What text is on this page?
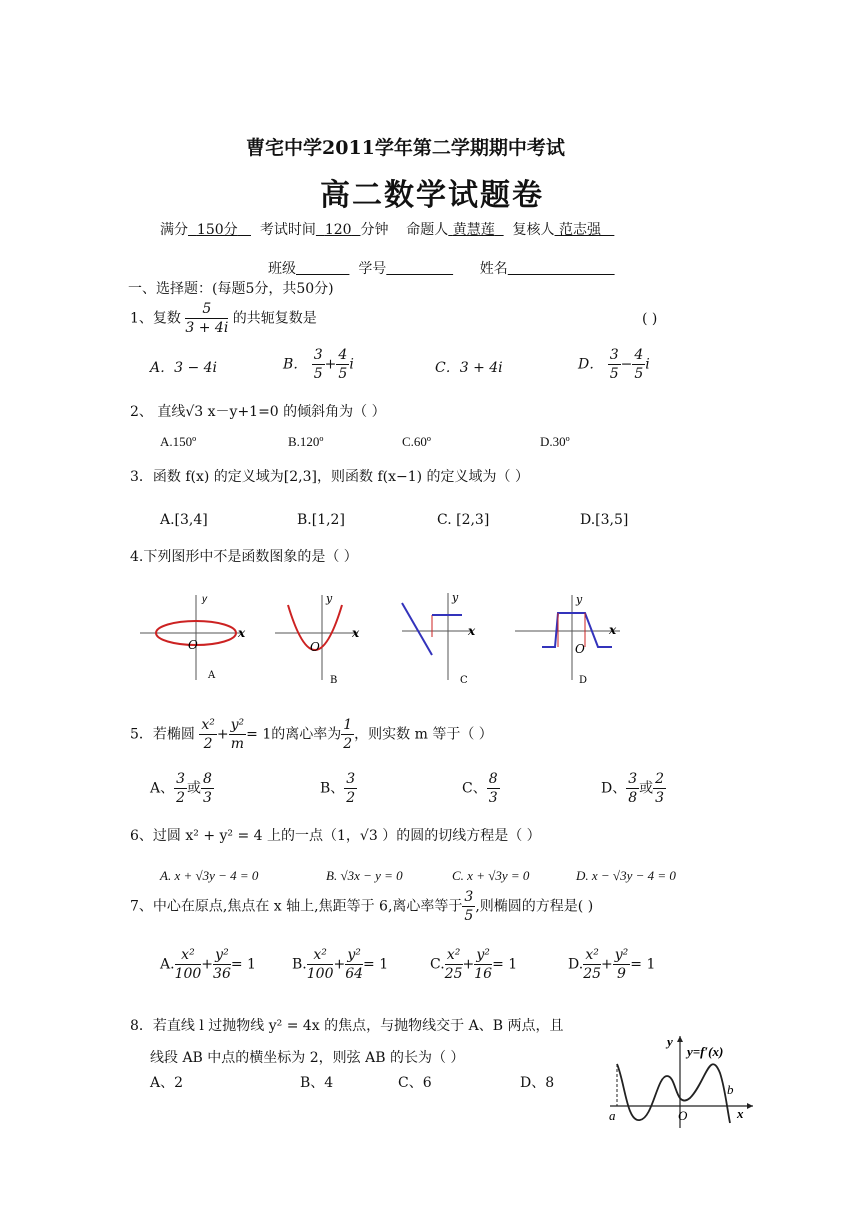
曹宅中学2011学年第二学期期中考试
高二数学试题卷
满分 150分 考试时间 120 分钟 命题人 黄慧莲 复核人 范志强
班级	学号	姓名
一、选择题：(每题5分，共50分)
1、复数 $\frac{5}{3 + 4i}$ 的共轭复数是	( )
A．3 − 4i	B． $\frac{3}{5} + \frac{4}{5}$ i	C．3 + 4i	D． $\frac{3}{5} - \frac{4}{5}$ i
2、 直线√3 x－y+1=0 的倾斜角为（ ）
A.150º	B.120º	C.60º	D.30º
3．函数 f(x) 的定义域为[2,3]，则函数 f(x−1) 的定义域为（ ）
A.[3,4]	B.[1,2]	C. [2,3]	D.[3,5]
4.下列图形中不是函数图象的是（ ）
y
x
O
A
y
x
O
B
y
x
C
y
x
O
D
5．若椭圆 $\frac{\text{x²}}{2} + \frac{\text{y²}}{m} = 1$的离心率为 $\frac{1}{2}$ ，则实数 m 等于（ ）
A、 $\frac{3}{2}$ 或 $\frac{8}{3}$	B、 $\frac{3}{2}$	C、 $\frac{8}{3}$	D、 $\frac{3}{8}$ 或 $\frac{2}{3}$
6、过圆 x² + y² = 4 上的一点（1，√3 ）的圆的切线方程是（ ）
A. x + √3y − 4 = 0	B. √3x − y = 0	C. x + √3y = 0	D. x − √3y − 4 = 0
7、中心在原点,焦点在 x 轴上,焦距等于 6,离心率等于 $\frac{3}{5}$ ,则椭圆的方程是( )
A. $\frac{\text{x²}}{100} + \frac{\text{y²}}{36} = 1$	B. $\frac{\text{x²}}{100} + \frac{\text{y²}}{64} = 1$	C. $\frac{\text{x²}}{25} + \frac{\text{y²}}{16} = 1$	D. $\frac{\text{x²}}{25} + \frac{\text{y²}}{9} = 1$
8．若直线 l 过抛物线 y² = 4x 的焦点，与抛物线交于 A、B 两点，且
线段 AB 中点的横坐标为 2，则弦 AB 的长为（ ）
A、2	B、4	C、6	D、8
y
y=f′(x)
x
a
b
O
